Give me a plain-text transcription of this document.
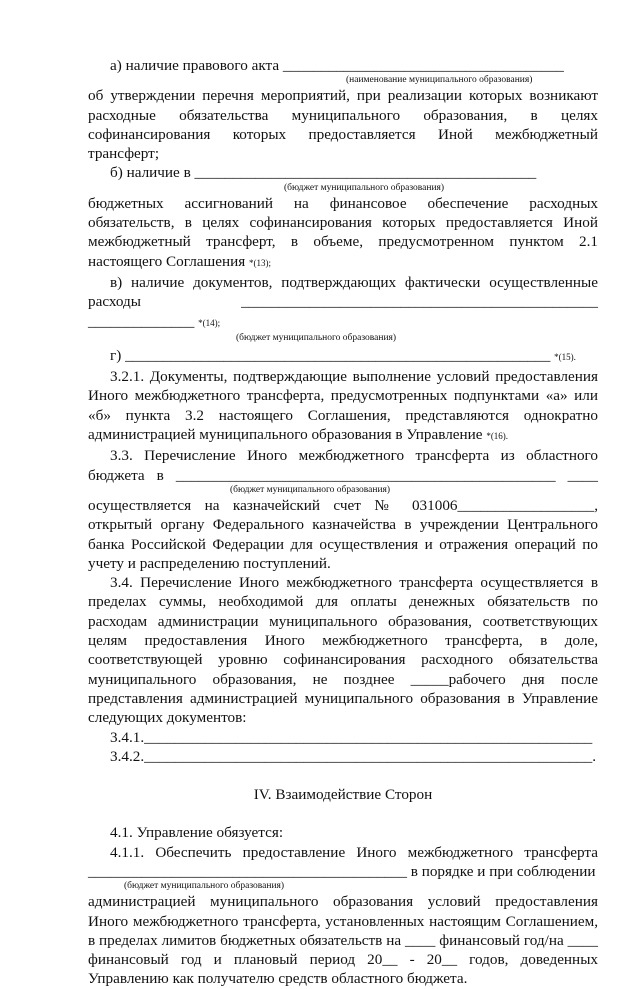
а) наличие правового акта _____________________________________

(наименование муниципального образования)

об утверждении перечня мероприятий, при реализации которых возникают расходные обязательства муниципального образования, в целях софинансирования которых предоставляется Иной межбюджетный трансферт;

б) наличие в _____________________________________________

(бюджет муниципального образования)

бюджетных ассигнований на финансовое обеспечение расходных обязательств, в целях софинансирования которых предоставляется Иной межбюджетный трансферт, в объеме, предусмотренном пунктом 2.1 настоящего Соглашения *(13);

в) наличие документов, подтверждающих фактически осуществленные

расходы _______________________________________________ ______________ *(14);

(бюджет муниципального образования)

г) ________________________________________________________ *(15).

3.2.1. Документы, подтверждающие выполнение условий предоставления Иного межбюджетного трансферта, предусмотренных подпунктами «а» или «б» пункта 3.2 настоящего Соглашения, представляются однократно администрацией муниципального образования в Управление *(16).

3.3. Перечисление Иного межбюджетного трансферта из областного

бюджета в __________________________________________________ ____

(бюджет муниципального образования)

осуществляется на казначейский счет № 031006__________________, открытый органу Федерального казначейства в учреждении Центрального банка Российской Федерации для осуществления и отражения операций по учету и распределению поступлений.

3.4. Перечисление Иного межбюджетного трансферта осуществляется в пределах суммы, необходимой для оплаты денежных обязательств по расходам администрации муниципального образования, соответствующих целям предоставления Иного межбюджетного трансферта, в доле, соответствующей уровню софинансирования расходного обязательства муниципального образования, не позднее _____рабочего дня после представления администрацией муниципального образования в Управление следующих документов:

3.4.1.___________________________________________________________

3.4.2.___________________________________________________________.

IV. Взаимодействие Сторон

4.1. Управление обязуется:

4.1.1. Обеспечить предоставление Иного межбюджетного трансферта

__________________________________________ в порядке и при соблюдении

(бюджет муниципального образования)

администрацией муниципального образования условий предоставления Иного межбюджетного трансферта, установленных настоящим Соглашением, в пределах лимитов бюджетных обязательств на ____ финансовый год/на ____ финансовый год и плановый период 20__ - 20__ годов, доведенных Управлению как получателю средств областного бюджета.
